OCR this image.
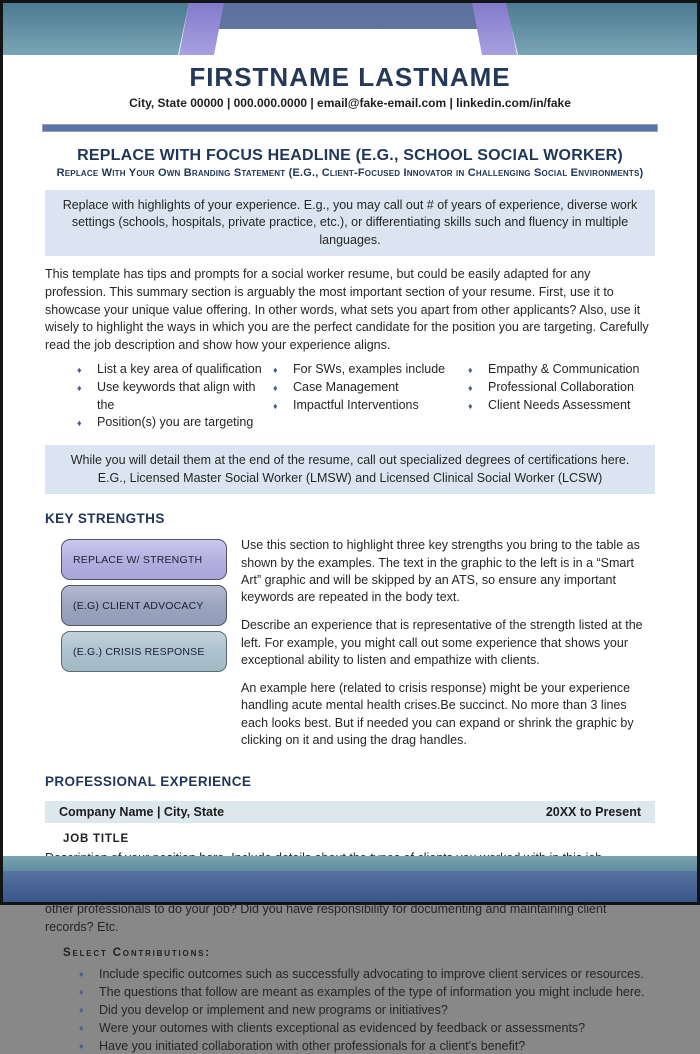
FIRSTNAME LASTNAME
City, State 00000 | 000.000.0000 | email@fake-email.com | linkedin.com/in/fake
REPLACE WITH FOCUS HEADLINE (E.G., SCHOOL SOCIAL WORKER)
Replace With Your Own Branding Statement (E.G., Client-Focused Innovator in Challenging Social Environments)
Replace with highlights of your experience. E.g., you may call out # of years of experience, diverse work settings (schools, hospitals, private practice, etc.), or differentiating skills such and fluency in multiple languages.
This template has tips and prompts for a social worker resume, but could be easily adapted for any profession. This summary section is arguably the most important section of your resume. First, use it to showcase your unique value offering. In other words, what sets you apart from other applicants? Also, use it wisely to highlight the ways in which you are the perfect candidate for the position you are targeting. Carefully read the job description and show how your experience aligns.
♦ List a key area of qualification
♦ Use keywords that align with the
♦ Position(s) you are targeting
♦ For SWs, examples include
♦ Case Management
♦ Impactful Interventions
♦ Empathy & Communication
♦ Professional Collaboration
♦ Client Needs Assessment
While you will detail them at the end of the resume, call out specialized degrees of certifications here.
E.G., Licensed Master Social Worker (LMSW) and Licensed Clinical Social Worker (LCSW)
KEY STRENGTHS
REPLACE W/ STRENGTH
(E.G) CLIENT ADVOCACY
(E.G.) CRISIS RESPONSE

Use this section to highlight three key strengths you bring to the table as shown by the examples. The text in the graphic to the left is in a “Smart Art” graphic and will be skipped by an ATS, so ensure any important keywords are repeated in the body text.

Describe an experience that is representative of the strength listed at the left. For example, you might call out some experience that shows your exceptional ability to listen and empathize with clients.

An example here (related to crisis response) might be your experience handling acute mental health crises.Be succinct. No more than 3 lines each looks best. But if needed you can expand or shrink the graphic by clicking on it and using the drag handles.

PROFESSIONAL EXPERIENCE
Company Name | City, State	20XX to Present
JOB TITLE
other professionals to do your job? Did you have responsibility for documenting and maintaining client records? Etc.
Select Contributions:
♦ Include specific outcomes such as successfully advocating to improve client services or resources.
♦ The questions that follow are meant as examples of the type of information you might include here.
♦ Did you develop or implement and new programs or initiatives?
♦ Were your outomes with clients exceptional as evidenced by feedback or assessments?
♦ Have you initiated collaboration with other professionals for a client's benefit?
